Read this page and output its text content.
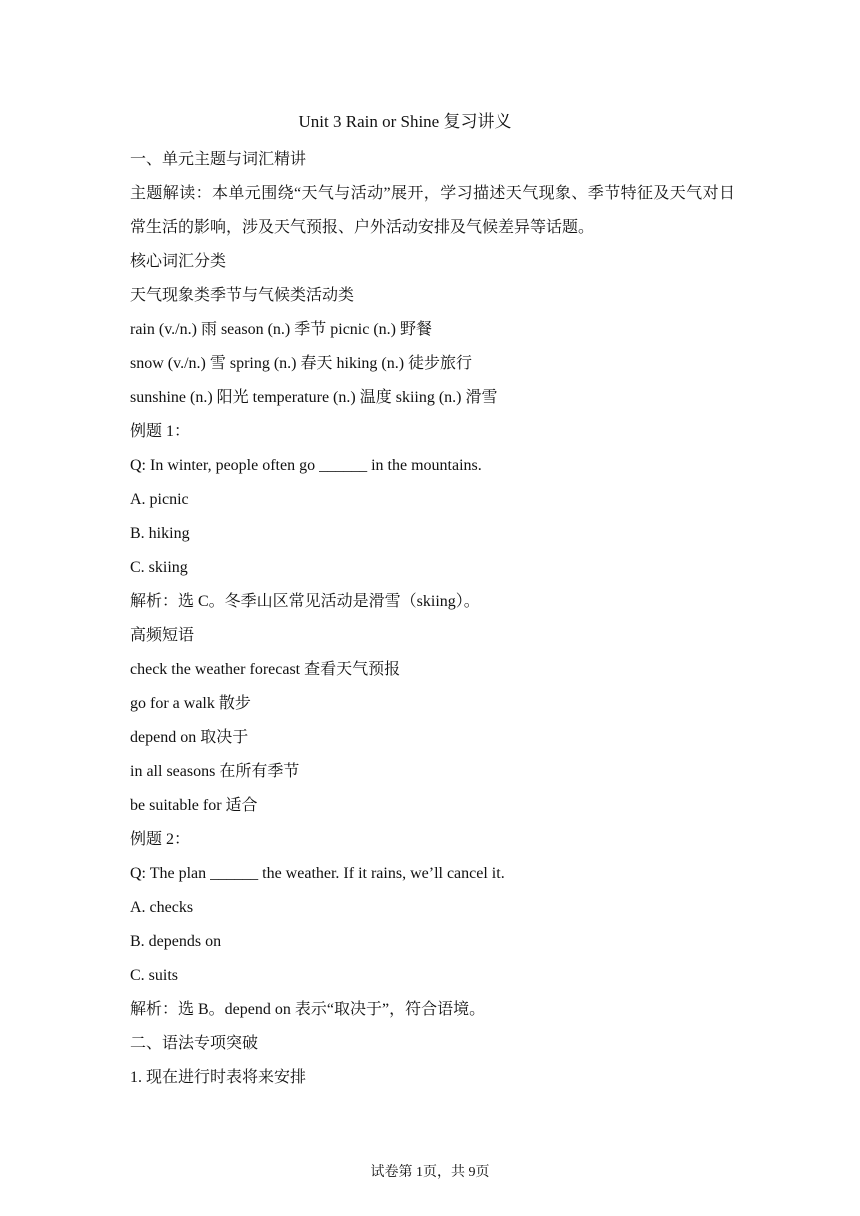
Unit 3 Rain or Shine 复习讲义
一、单元主题与词汇精讲
主题解读：本单元围绕“天气与活动”展开，学习描述天气现象、季节特征及天气对日常生活的影响，涉及天气预报、户外活动安排及气候差异等话题。
核心词汇分类
天气现象类季节与气候类活动类
rain (v./n.) 雨 season (n.) 季节 picnic (n.) 野餐
snow (v./n.) 雪 spring (n.) 春天 hiking (n.) 徒步旅行
sunshine (n.) 阳光 temperature (n.) 温度 skiing (n.) 滑雪
例题 1：
Q: In winter, people often go ______ in the mountains.
A. picnic
B. hiking
C. skiing
解析：选 C。冬季山区常见活动是滑雪（skiing）。
高频短语
check the weather forecast 查看天气预报
go for a walk 散步
depend on 取决于
in all seasons 在所有季节
be suitable for 适合
例题 2：
Q: The plan ______ the weather. If it rains, we’ll cancel it.
A. checks
B. depends on
C. suits
解析：选 B。depend on 表示“取决于”，符合语境。
二、语法专项突破
1. 现在进行时表将来安排
试卷第 1页，共 9页
